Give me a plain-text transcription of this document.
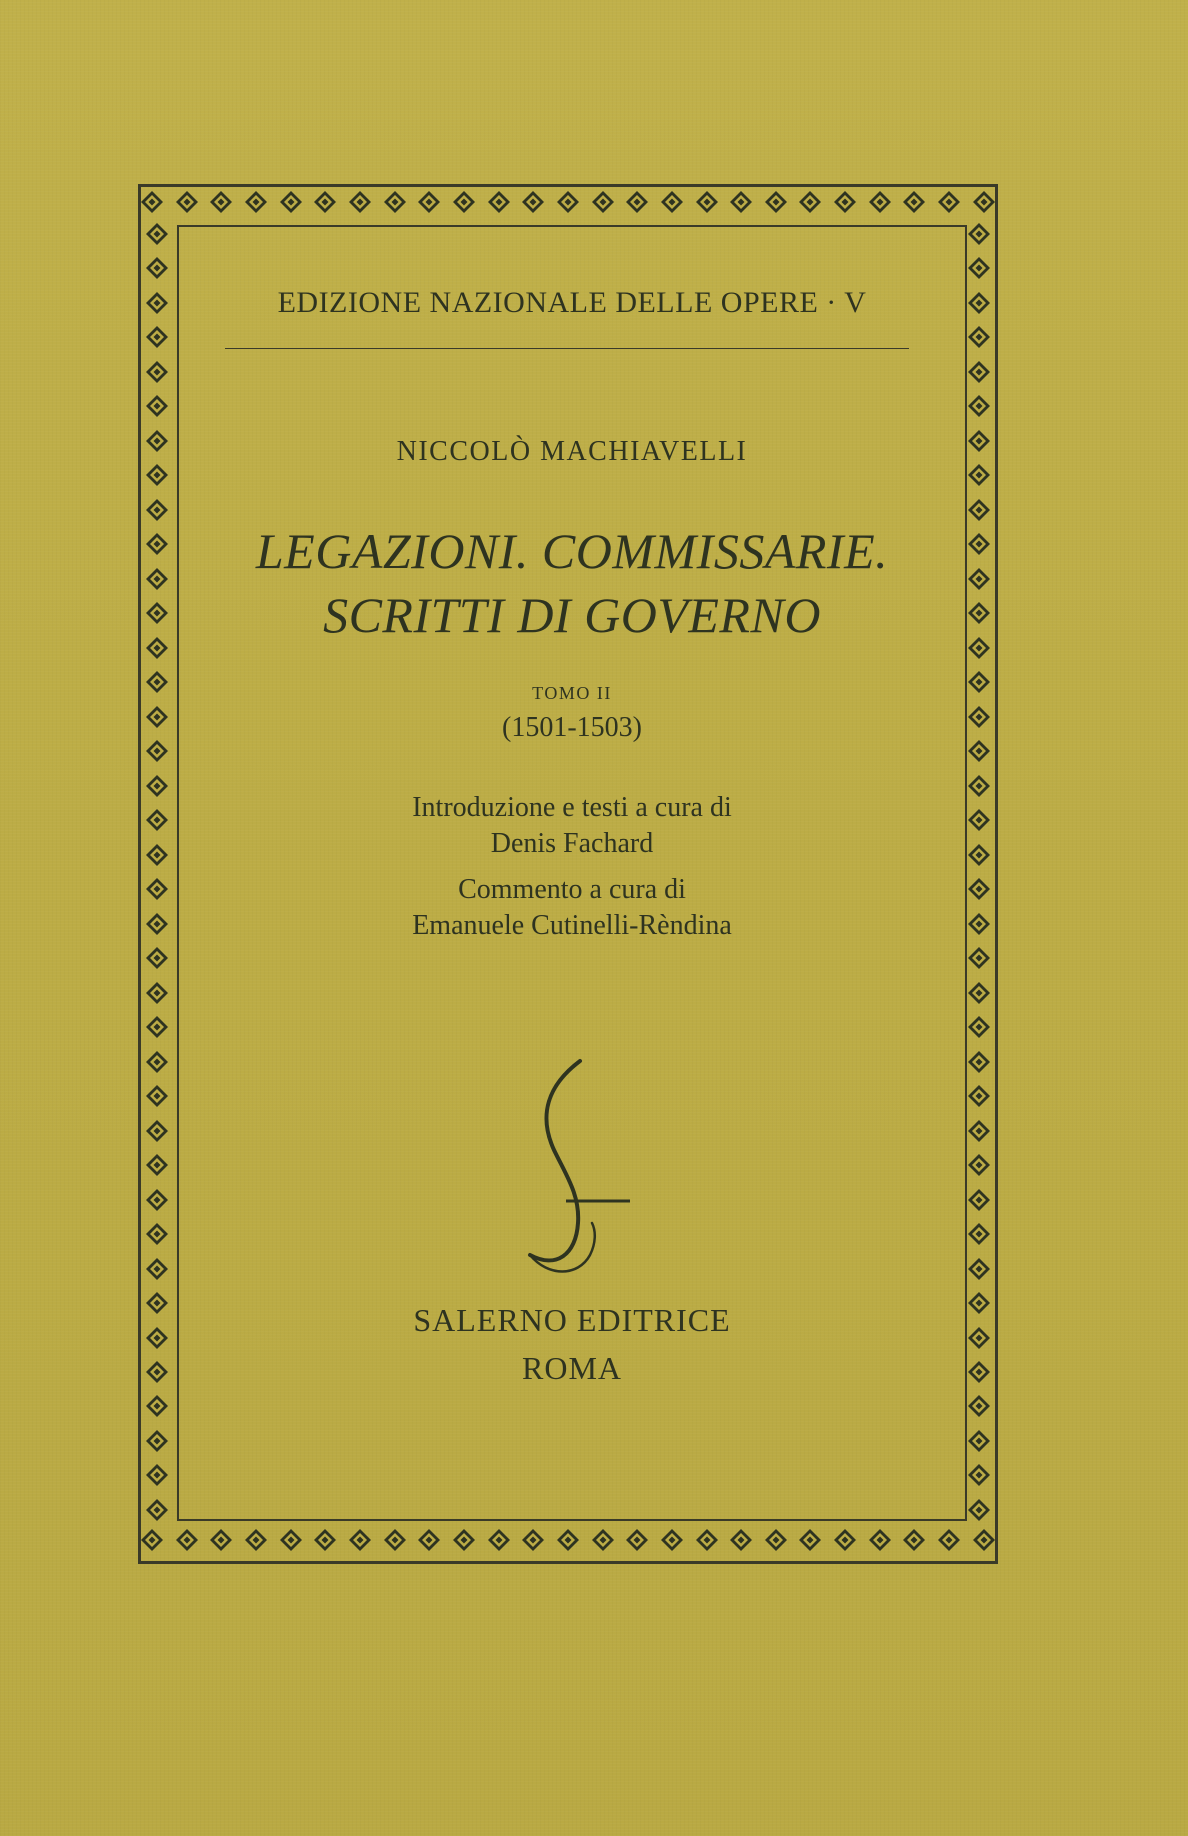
EDIZIONE NAZIONALE DELLE OPERE · V
NICCOLÒ MACHIAVELLI
LEGAZIONI. COMMISSARIE.
SCRITTI DI GOVERNO
TOMO II
(1501-1503)
Introduzione e testi a cura di
Denis Fachard
Commento a cura di
Emanuele Cutinelli-Rèndina
SALERNO EDITRICE
ROMA
